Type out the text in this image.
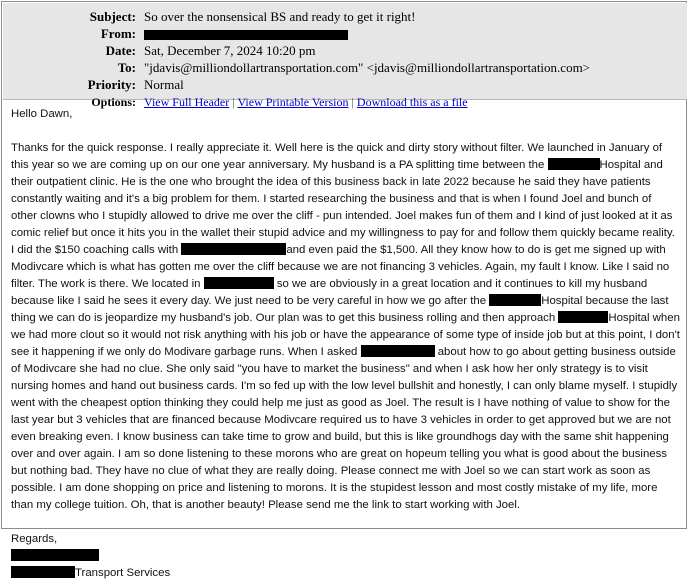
Subject: So over the nonsensical BS and ready to get it right!
From:
Date: Sat, December 7, 2024 10:20 pm
To: "jdavis@milliondollartransportation.com" <jdavis@milliondollartransportation.com>
Priority: Normal
Options: View Full Header | View Printable Version | Download this as a file

Hello Dawn,

Thanks for the quick response. I really appreciate it. Well here is the quick and dirty story without filter. We launched in January of this year so we are coming up on our one year anniversary. My husband is a PA splitting time between the	Hospital and their outpatient clinic. He is the one who brought the idea of this business back in late 2022 because he said they have patients constantly waiting and it's a big problem for them. I started researching the business and that is when I found Joel and bunch of other clowns who I stupidly allowed to drive me over the cliff - pun intended. Joel makes fun of them and I kind of just looked at it as comic relief but once it hits you in the wallet their stupid advice and my willingness to pay for and follow them quickly became reality. I did the $150 coaching calls with	and even paid the $1,500. All they know how to do is get me signed up with Modivcare which is what has gotten me over the cliff because we are not financing 3 vehicles. Again, my fault I know. Like I said no filter. The work is there. We located in	so we are obviously in a great location and it continues to kill my husband because like I said he sees it every day. We just need to be very careful in how we go after the	Hospital because the last thing we can do is jeopardize my husband's job. Our plan was to get this business rolling and then approach	Hospital when we had more clout so it would not risk anything with his job or have the appearance of some type of inside job but at this point, I don't see it happening if we only do Modivare garbage runs. When I asked	about how to go about getting business outside of Modivcare she had no clue. She only said "you have to market the business" and when I ask how her only strategy is to visit nursing homes and hand out business cards. I'm so fed up with the low level bullshit and honestly, I can only blame myself. I stupidly went with the cheapest option thinking they could help me just as good as Joel. The result is I have nothing of value to show for the last year but 3 vehicles that are financed because Modivcare required us to have 3 vehicles in order to get approved but we are not even breaking even. I know business can take time to grow and build, but this is like groundhogs day with the same shit happening over and over again. I am so done listening to these morons who are great on hopeum telling you what is good about the business but nothing bad. They have no clue of what they are really doing. Please connect me with Joel so we can start work as soon as possible. I am done shopping on price and listening to morons. It is the stupidest lesson and most costly mistake of my life, more than my college tuition. Oh, that is another beauty! Please send me the link to start working with Joel.

Regards,

Transport Services
